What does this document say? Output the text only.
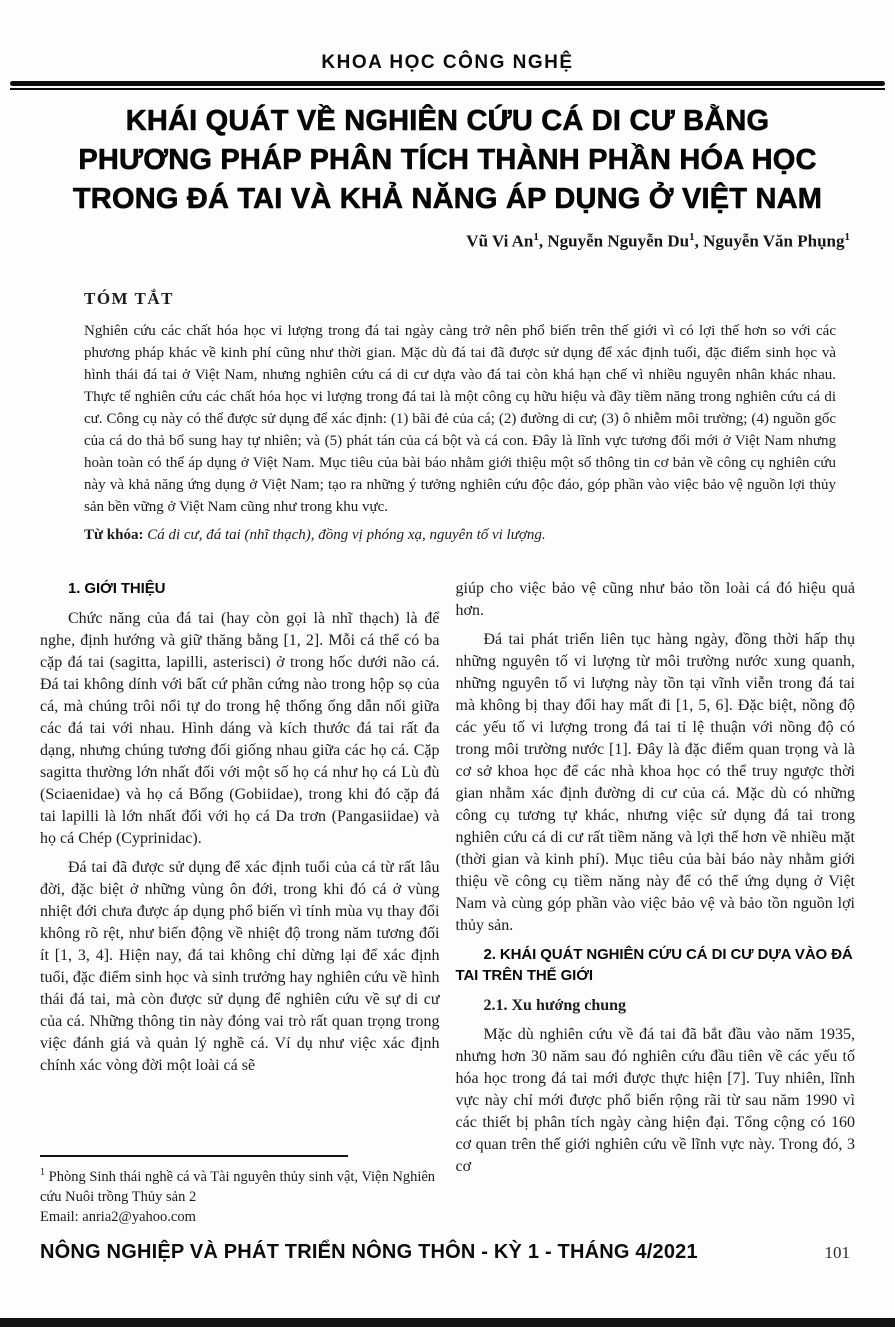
KHOA HỌC CÔNG NGHỆ
KHÁI QUÁT VỀ NGHIÊN CỨU CÁ DI CƯ BẰNG
PHƯƠNG PHÁP PHÂN TÍCH THÀNH PHẦN HÓA HỌC
TRONG ĐÁ TAI VÀ KHẢ NĂNG ÁP DỤNG Ở VIỆT NAM
Vũ Vi An$^1$, Nguyễn Nguyễn Du$^1$, Nguyễn Văn Phụng$^1$
TÓM TẮT
Nghiên cứu các chất hóa học vi lượng trong đá tai ngày càng trở nên phổ biến trên thế giới vì có lợi thế hơn so với các phương pháp khác về kinh phí cũng như thời gian. Mặc dù đá tai đã được sử dụng để xác định tuổi, đặc điểm sinh học và hình thái đá tai ở Việt Nam, nhưng nghiên cứu cá di cư dựa vào đá tai còn khá hạn chế vì nhiều nguyên nhân khác nhau. Thực tế nghiên cứu các chất hóa học vi lượng trong đá tai là một công cụ hữu hiệu và đầy tiềm năng trong nghiên cứu cá di cư. Công cụ này có thể được sử dụng để xác định: (1) bãi đẻ của cá; (2) đường di cư; (3) ô nhiễm môi trường; (4) nguồn gốc của cá do thả bổ sung hay tự nhiên; và (5) phát tán của cá bột và cá con. Đây là lĩnh vực tương đối mới ở Việt Nam nhưng hoàn toàn có thể áp dụng ở Việt Nam. Mục tiêu của bài báo nhằm giới thiệu một số thông tin cơ bản về công cụ nghiên cứu này và khả năng ứng dụng ở Việt Nam; tạo ra những ý tưởng nghiên cứu độc đáo, góp phần vào việc bảo vệ nguồn lợi thủy sản bền vững ở Việt Nam cũng như trong khu vực.
Từ khóa: Cá di cư, đá tai (nhĩ thạch), đồng vị phóng xạ, nguyên tố vi lượng.
1. GIỚI THIỆU

Chức năng của đá tai (hay còn gọi là nhĩ thạch) là để nghe, định hướng và giữ thăng bằng [1, 2]. Mỗi cá thể có ba cặp đá tai (sagitta, lapilli, asterisci) ở trong hốc dưới não cá. Đá tai không dính với bất cứ phần cứng nào trong hộp sọ của cá, mà chúng trôi nổi tự do trong hệ thống ống dẫn nối giữa các đá tai với nhau. Hình dáng và kích thước đá tai rất đa dạng, nhưng chúng tương đối giống nhau giữa các họ cá. Cặp sagitta thường lớn nhất đối với một số họ cá như họ cá Lù đù (Sciaenidae) và họ cá Bống (Gobiidae), trong khi đó cặp đá tai lapilli là lớn nhất đối với họ cá Da trơn (Pangasiidae) và họ cá Chép (Cyprinidac).

Đá tai đã được sử dụng để xác định tuổi của cá từ rất lâu đời, đặc biệt ở những vùng ôn đới, trong khi đó cá ở vùng nhiệt đới chưa được áp dụng phổ biến vì tính mùa vụ thay đổi không rõ rệt, như biến động về nhiệt độ trong năm tương đối ít [1, 3, 4]. Hiện nay, đá tai không chỉ dừng lại để xác định tuổi, đặc điểm sinh học và sinh trưởng hay nghiên cứu về hình thái đá tai, mà còn được sử dụng để nghiên cứu về sự di cư của cá. Những thông tin này đóng vai trò rất quan trọng trong việc đánh giá và quản lý nghề cá. Ví dụ như việc xác định chính xác vòng đời một loài cá sẽ

giúp cho việc bảo vệ cũng như bảo tồn loài cá đó hiệu quả hơn.

Đá tai phát triển liên tục hàng ngày, đồng thời hấp thụ những nguyên tố vi lượng từ môi trường nước xung quanh, những nguyên tố vi lượng này tồn tại vĩnh viễn trong đá tai mà không bị thay đổi hay mất đi [1, 5, 6]. Đặc biệt, nồng độ các yếu tố vi lượng trong đá tai tỉ lệ thuận với nồng độ có trong môi trường nước [1]. Đây là đặc điểm quan trọng và là cơ sở khoa học để các nhà khoa học có thể truy ngược thời gian nhằm xác định đường di cư của cá. Mặc dù có những công cụ tương tự khác, nhưng việc sử dụng đá tai trong nghiên cứu cá di cư rất tiềm năng và lợi thế hơn về nhiều mặt (thời gian và kinh phí). Mục tiêu của bài báo này nhằm giới thiệu về công cụ tiềm năng này để có thể ứng dụng ở Việt Nam và cùng góp phần vào việc bảo vệ và bảo tồn nguồn lợi thủy sản.

2. KHÁI QUÁT NGHIÊN CỨU CÁ DI CƯ DỰA VÀO ĐÁ TAI TRÊN THẾ GIỚI
2.1. Xu hướng chung

Mặc dù nghiên cứu về đá tai đã bắt đầu vào năm 1935, nhưng hơn 30 năm sau đó nghiên cứu đầu tiên về các yếu tố hóa học trong đá tai mới được thực hiện [7]. Tuy nhiên, lĩnh vực này chỉ mới được phổ biến rộng rãi từ sau năm 1990 vì các thiết bị phân tích ngày càng hiện đại. Tổng cộng có 160 cơ quan trên thế giới nghiên cứu về lĩnh vực này. Trong đó, 3 cơ

$^1$ Phòng Sinh thái nghề cá và Tài nguyên thủy sinh vật, Viện Nghiên cứu Nuôi trồng Thủy sản 2
Email: anria2@yahoo.com
NÔNG NGHIỆP VÀ PHÁT TRIỂN NÔNG THÔN - KỲ 1 - THÁNG 4/2021	101
